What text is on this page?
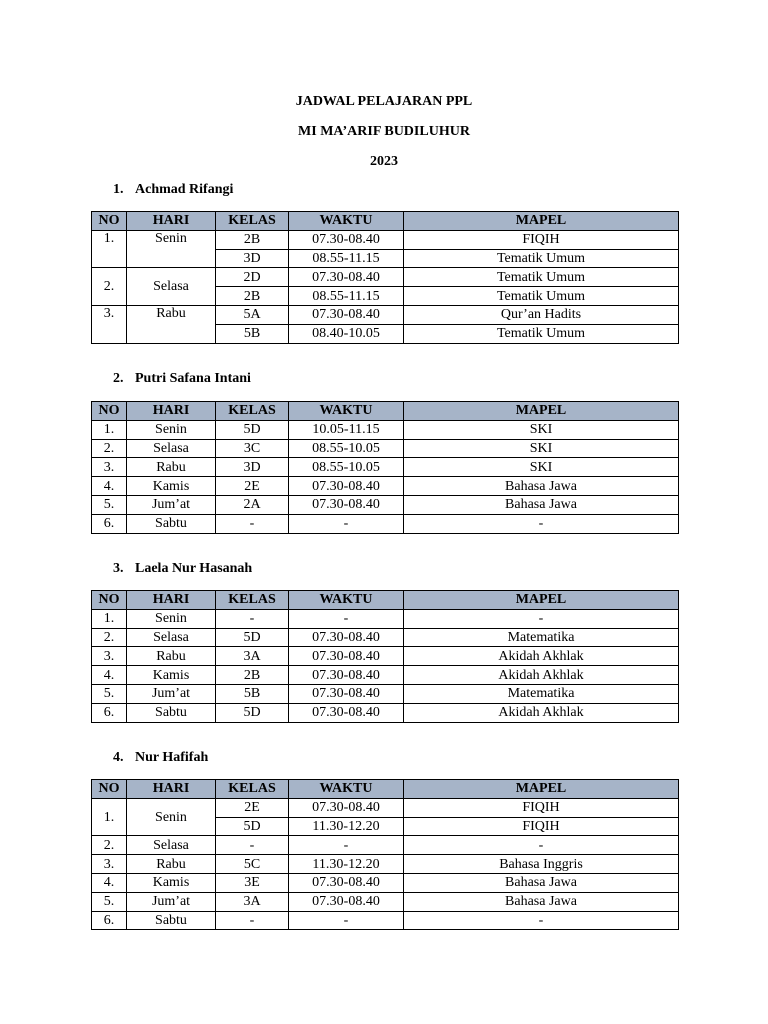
JADWAL PELAJARAN PPL
MI MA’ARIF BUDILUHUR
2023
1. Achmad Rifangi
NO	HARI	KELAS	WAKTU	MAPEL
1.	Senin	2B	07.30-08.40	FIQIH
		3D	08.55-11.15	Tematik Umum
2.	Selasa	2D	07.30-08.40	Tematik Umum
		2B	08.55-11.15	Tematik Umum
3.	Rabu	5A	07.30-08.40	Qur’an Hadits
		5B	08.40-10.05	Tematik Umum
2. Putri Safana Intani
NO	HARI	KELAS	WAKTU	MAPEL
1.	Senin	5D	10.05-11.15	SKI
2.	Selasa	3C	08.55-10.05	SKI
3.	Rabu	3D	08.55-10.05	SKI
4.	Kamis	2E	07.30-08.40	Bahasa Jawa
5.	Jum’at	2A	07.30-08.40	Bahasa Jawa
6.	Sabtu	-	-	-
3. Laela Nur Hasanah
NO	HARI	KELAS	WAKTU	MAPEL
1.	Senin	-	-	-
2.	Selasa	5D	07.30-08.40	Matematika
3.	Rabu	3A	07.30-08.40	Akidah Akhlak
4.	Kamis	2B	07.30-08.40	Akidah Akhlak
5.	Jum’at	5B	07.30-08.40	Matematika
6.	Sabtu	5D	07.30-08.40	Akidah Akhlak
4. Nur Hafifah
NO	HARI	KELAS	WAKTU	MAPEL
1.	Senin	2E	07.30-08.40	FIQIH
		5D	11.30-12.20	FIQIH
2.	Selasa	-	-	-
3.	Rabu	5C	11.30-12.20	Bahasa Inggris
4.	Kamis	3E	07.30-08.40	Bahasa Jawa
5.	Jum’at	3A	07.30-08.40	Bahasa Jawa
6.	Sabtu	-	-	-
